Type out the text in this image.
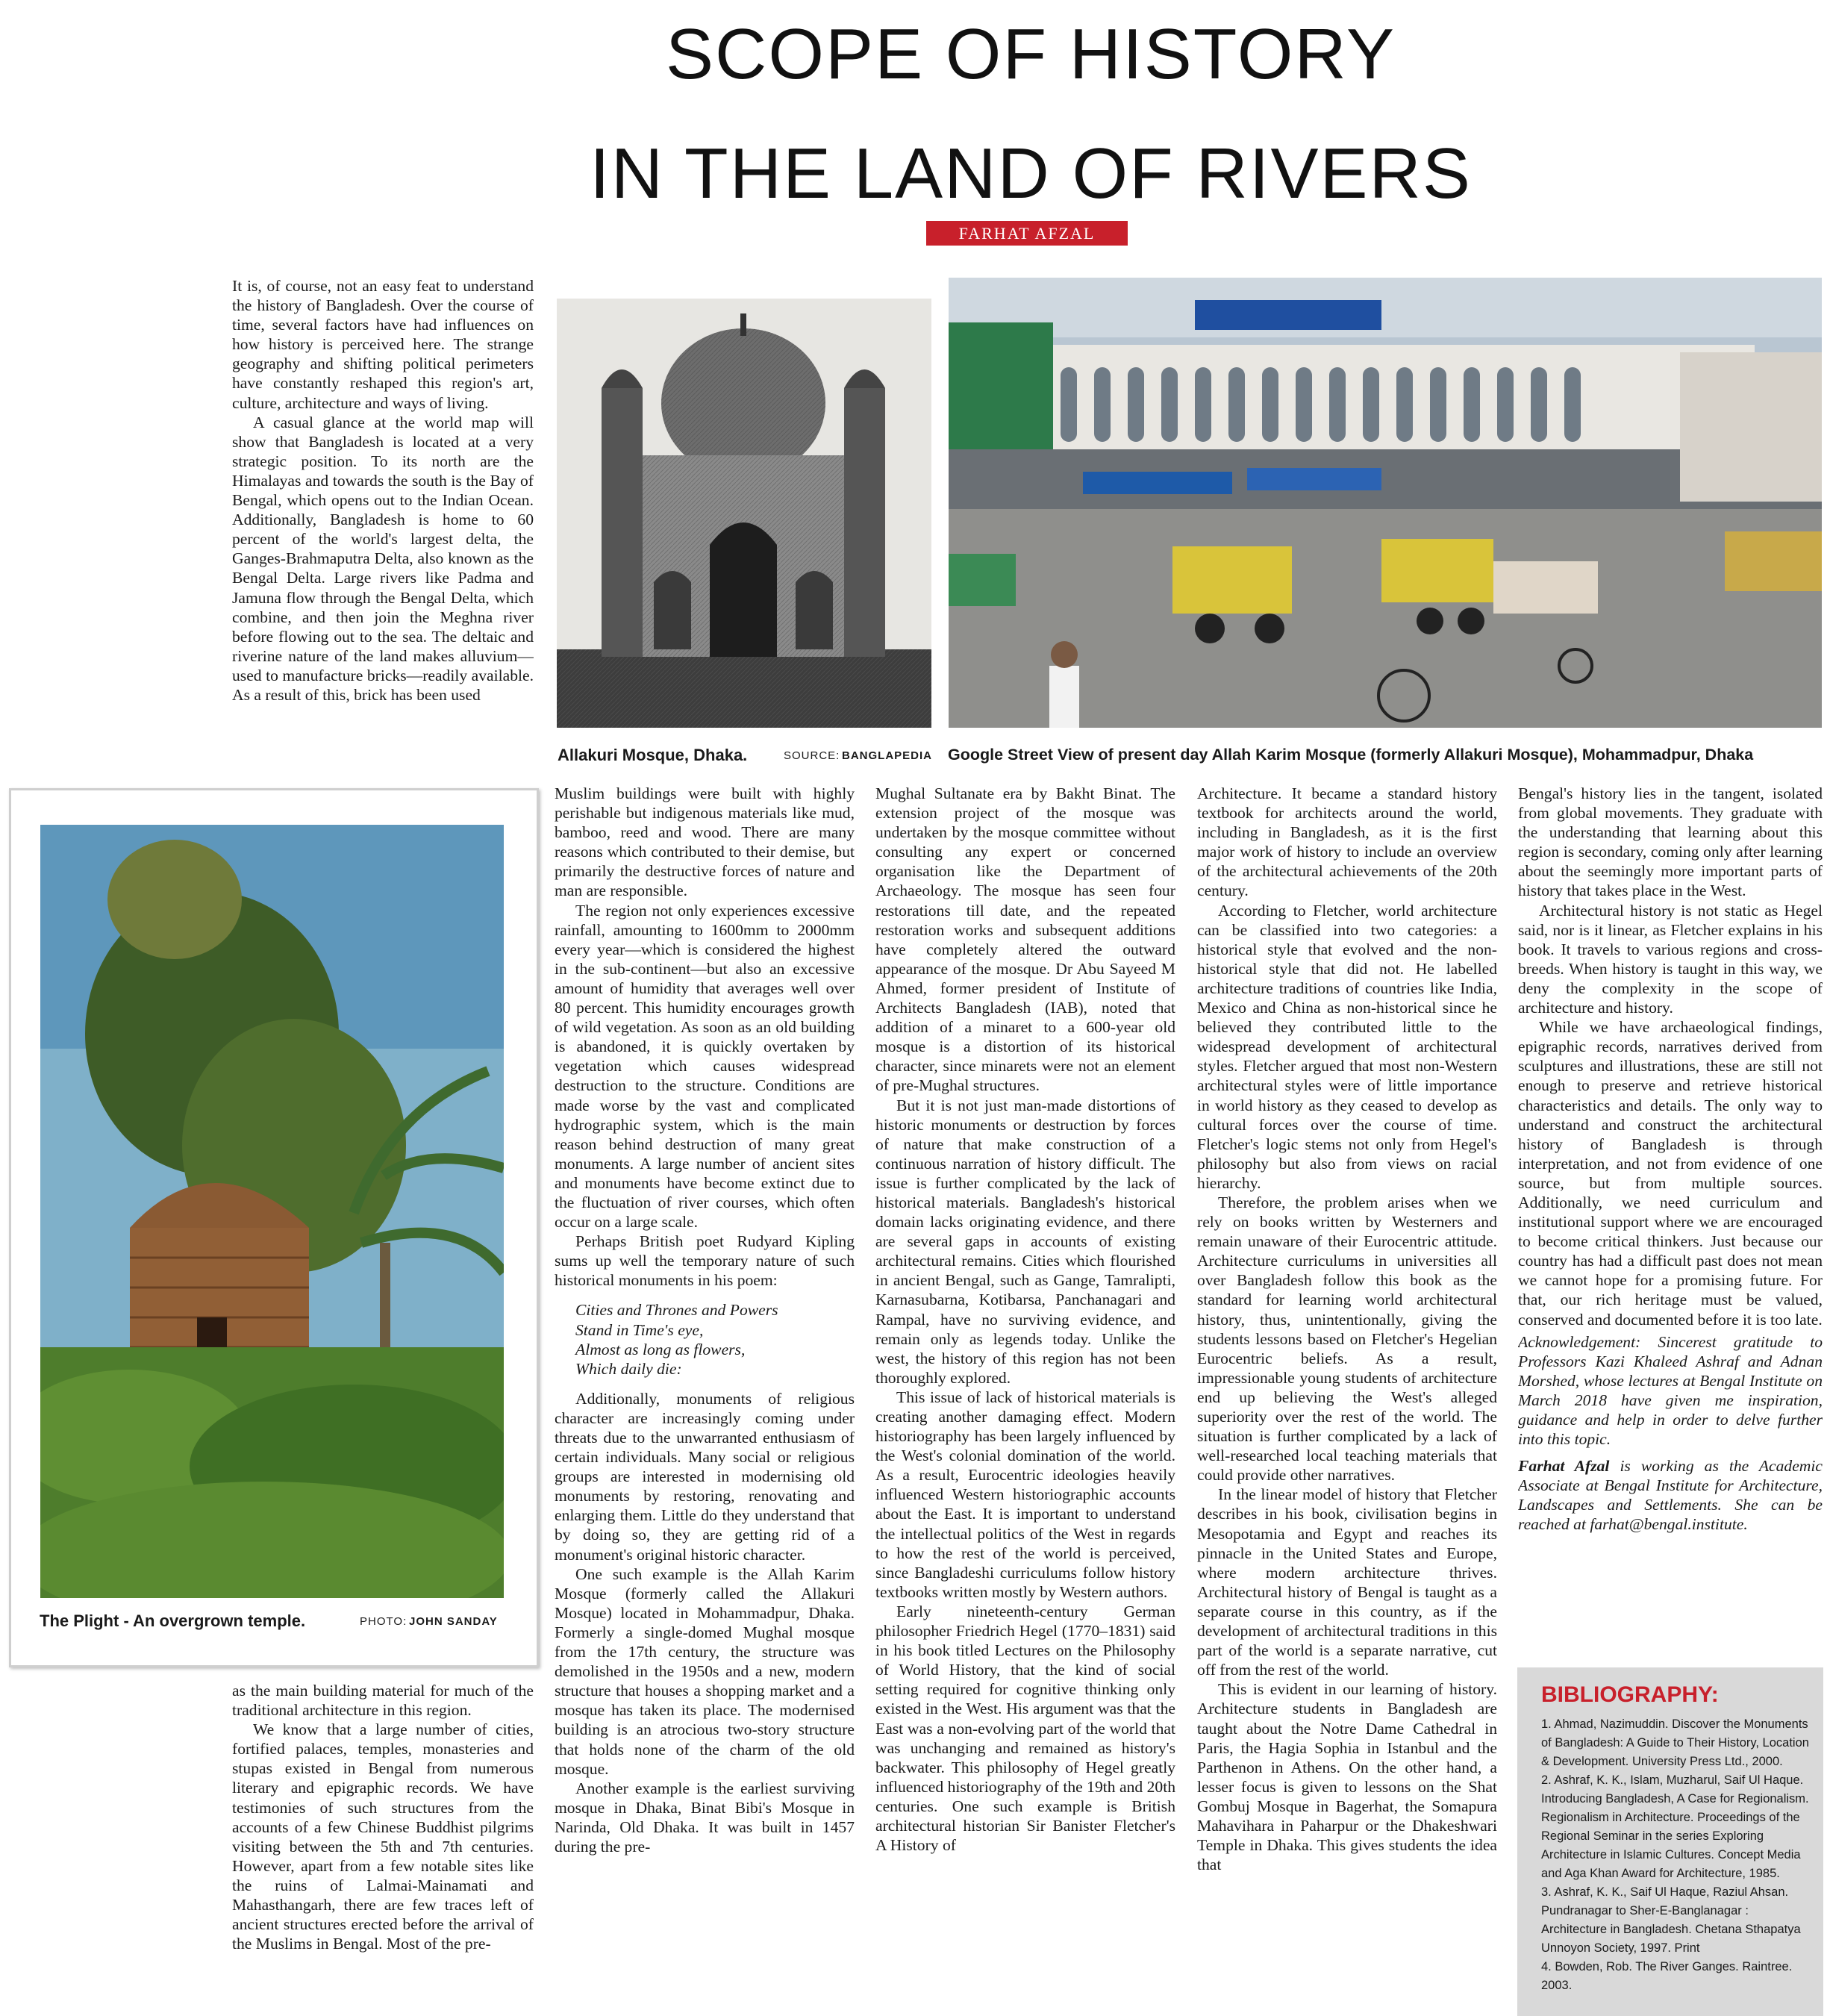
SCOPE OF HISTORY
IN THE LAND OF RIVERS
FARHAT AFZAL

It is, of course, not an easy feat to understand the history of Bangladesh. Over the course of time, several factors have had influences on how history is perceived here. The strange geography and shifting political perimeters have constantly reshaped this region's art, culture, architecture and ways of living.

A casual glance at the world map will show that Bangladesh is located at a very strategic position. To its north are the Himalayas and towards the south is the Bay of Bengal, which opens out to the Indian Ocean. Additionally, Bangladesh is home to 60 percent of the world's largest delta, the Ganges-Brahmaputra Delta, also known as the Bengal Delta. Large rivers like Padma and Jamuna flow through the Bengal Delta, which combine, and then join the Meghna river before flowing out to the sea. The deltaic and riverine nature of the land makes alluvium—used to manufacture bricks—readily available. As a result of this, brick has been used

Allakuri Mosque, Dhaka.	SOURCE: BANGLAPEDIA Google Street View of present day Allah Karim Mosque (formerly Allakuri Mosque), Mohammadpur, Dhaka
The Plight - An overgrown temple.	PHOTO: JOHN SANDAY

as the main building material for much of the traditional architecture in this region.

We know that a large number of cities, fortified palaces, temples, monasteries and stupas existed in Bengal from numerous literary and epigraphic records. We have testimonies of such structures from the accounts of a few Chinese Buddhist pilgrims visiting between the 5th and 7th centuries. However, apart from a few notable sites like the ruins of Lalmai-Mainamati and Mahasthangarh, there are few traces left of ancient structures erected before the arrival of the Muslims in Bengal. Most of the pre-

Muslim buildings were built with highly perishable but indigenous materials like mud, bamboo, reed and wood. There are many reasons which contributed to their demise, but primarily the destructive forces of nature and man are responsible.

The region not only experiences excessive rainfall, amounting to 1600mm to 2000mm every year—which is considered the highest in the sub-continent—but also an excessive amount of humidity that averages well over 80 percent. This humidity encourages growth of wild vegetation. As soon as an old building is abandoned, it is quickly overtaken by vegetation which causes widespread destruction to the structure. Conditions are made worse by the vast and complicated hydrographic system, which is the main reason behind destruction of many great monuments. A large number of ancient sites and monuments have become extinct due to the fluctuation of river courses, which often occur on a large scale.

Perhaps British poet Rudyard Kipling sums up well the temporary nature of such historical monuments in his poem:

Cities and Thrones and Powers
Stand in Time's eye,
Almost as long as flowers,
Which daily die:

Additionally, monuments of religious character are increasingly coming under threats due to the unwarranted enthusiasm of certain individuals. Many social or religious groups are interested in modernising old monuments by restoring, renovating and enlarging them. Little do they understand that by doing so, they are getting rid of a monument's original historic character.

One such example is the Allah Karim Mosque (formerly called the Allakuri Mosque) located in Mohammadpur, Dhaka. Formerly a single-domed Mughal mosque from the 17th century, the structure was demolished in the 1950s and a new, modern structure that houses a shopping market and a mosque has taken its place. The modernised building is an atrocious two-story structure that holds none of the charm of the old mosque.

Another example is the earliest surviving mosque in Dhaka, Binat Bibi's Mosque in Narinda, Old Dhaka. It was built in 1457 during the pre-

Mughal Sultanate era by Bakht Binat. The extension project of the mosque was undertaken by the mosque committee without consulting any expert or concerned organisation like the Department of Archaeology. The mosque has seen four restorations till date, and the repeated restoration works and subsequent additions have completely altered the outward appearance of the mosque. Dr Abu Sayeed M Ahmed, former president of Institute of Architects Bangladesh (IAB), noted that addition of a minaret to a 600-year old mosque is a distortion of its historical character, since minarets were not an element of pre-Mughal structures.

But it is not just man-made distortions of historic monuments or destruction by forces of nature that make construction of a continuous narration of history difficult. The issue is further complicated by the lack of historical materials. Bangladesh's historical domain lacks originating evidence, and there are several gaps in accounts of existing architectural remains. Cities which flourished in ancient Bengal, such as Gange, Tamralipti, Karnasubarna, Kotibarsa, Panchanagari and Rampal, have no surviving evidence, and remain only as legends today. Unlike the west, the history of this region has not been thoroughly explored.

This issue of lack of historical materials is creating another damaging effect. Modern historiography has been largely influenced by the West's colonial domination of the world. As a result, Eurocentric ideologies heavily influenced Western historiographic accounts about the East. It is important to understand the intellectual politics of the West in regards to how the rest of the world is perceived, since Bangladeshi curriculums follow history textbooks written mostly by Western authors.

Early nineteenth-century German philosopher Friedrich Hegel (1770–1831) said in his book titled Lectures on the Philosophy of World History, that the kind of social setting required for cognitive thinking only existed in the West. His argument was that the East was a non-evolving part of the world that was unchanging and remained as history's backwater. This philosophy of Hegel greatly influenced historiography of the 19th and 20th centuries. One such example is British architectural historian Sir Banister Fletcher's A History of

Architecture. It became a standard history textbook for architects around the world, including in Bangladesh, as it is the first major work of history to include an overview of the architectural achievements of the 20th century.

According to Fletcher, world architecture can be classified into two categories: a historical style that evolved and the non-historical style that did not. He labelled architecture traditions of countries like India, Mexico and China as non-historical since he believed they contributed little to the widespread development of architectural styles. Fletcher argued that most non-Western architectural styles were of little importance in world history as they ceased to develop as cultural forces over the course of time. Fletcher's logic stems not only from Hegel's philosophy but also from views on racial hierarchy.

Therefore, the problem arises when we rely on books written by Westerners and remain unaware of their Eurocentric attitude. Architecture curriculums in universities all over Bangladesh follow this book as the standard for learning world architectural history, thus, unintentionally, giving the students lessons based on Fletcher's Hegelian Eurocentric beliefs. As a result, impressionable young students of architecture end up believing the West's alleged superiority over the rest of the world. The situation is further complicated by a lack of well-researched local teaching materials that could provide other narratives.

In the linear model of history that Fletcher describes in his book, civilisation begins in Mesopotamia and Egypt and reaches its pinnacle in the United States and Europe, where modern architecture thrives. Architectural history of Bengal is taught as a separate course in this country, as if the development of architectural traditions in this part of the world is a separate narrative, cut off from the rest of the world.

This is evident in our learning of history. Architecture students in Bangladesh are taught about the Notre Dame Cathedral in Paris, the Hagia Sophia in Istanbul and the Parthenon in Athens. On the other hand, a lesser focus is given to lessons on the Shat Gombuj Mosque in Bagerhat, the Somapura Mahavihara in Paharpur or the Dhakeshwari Temple in Dhaka. This gives students the idea that

Bengal's history lies in the tangent, isolated from global movements. They graduate with the understanding that learning about this region is secondary, coming only after learning about the seemingly more important parts of history that takes place in the West.

Architectural history is not static as Hegel said, nor is it linear, as Fletcher explains in his book. It travels to various regions and cross-breeds. When history is taught in this way, we deny the complexity in the scope of architecture and history.

While we have archaeological findings, epigraphic records, narratives derived from sculptures and illustrations, these are still not enough to preserve and retrieve historical characteristics and details. The only way to understand and construct the architectural history of Bangladesh is through interpretation, and not from evidence of one source, but from multiple sources. Additionally, we need curriculum and institutional support where we are encouraged to become critical thinkers. Just because our country has had a difficult past does not mean we cannot hope for a promising future. For that, our rich heritage must be valued, conserved and documented before it is too late.

Acknowledgement: Sincerest gratitude to Professors Kazi Khaleed Ashraf and Adnan Morshed, whose lectures at Bengal Institute on March 2018 have given me inspiration, guidance and help in order to delve further into this topic.

Farhat Afzal is working as the Academic Associate at Bengal Institute for Architecture, Landscapes and Settlements. She can be reached at farhat@bengal.institute.

BIBLIOGRAPHY:
1. Ahmad, Nazimuddin. Discover the Monuments of Bangladesh: A Guide to Their History, Location & Development. University Press Ltd., 2000.
2. Ashraf, K. K., Islam, Muzharul, Saif Ul Haque. Introducing Bangladesh, A Case for Regionalism. Regionalism in Architecture. Proceedings of the Regional Seminar in the series Exploring Architecture in Islamic Cultures. Concept Media and Aga Khan Award for Architecture, 1985.
3. Ashraf, K. K., Saif Ul Haque, Raziul Ahsan. Pundranagar to Sher-E-Banglanagar : Architecture in Bangladesh. Chetana Sthapatya Unnoyon Society, 1997. Print
4. Bowden, Rob. The River Ganges. Raintree. 2003.
